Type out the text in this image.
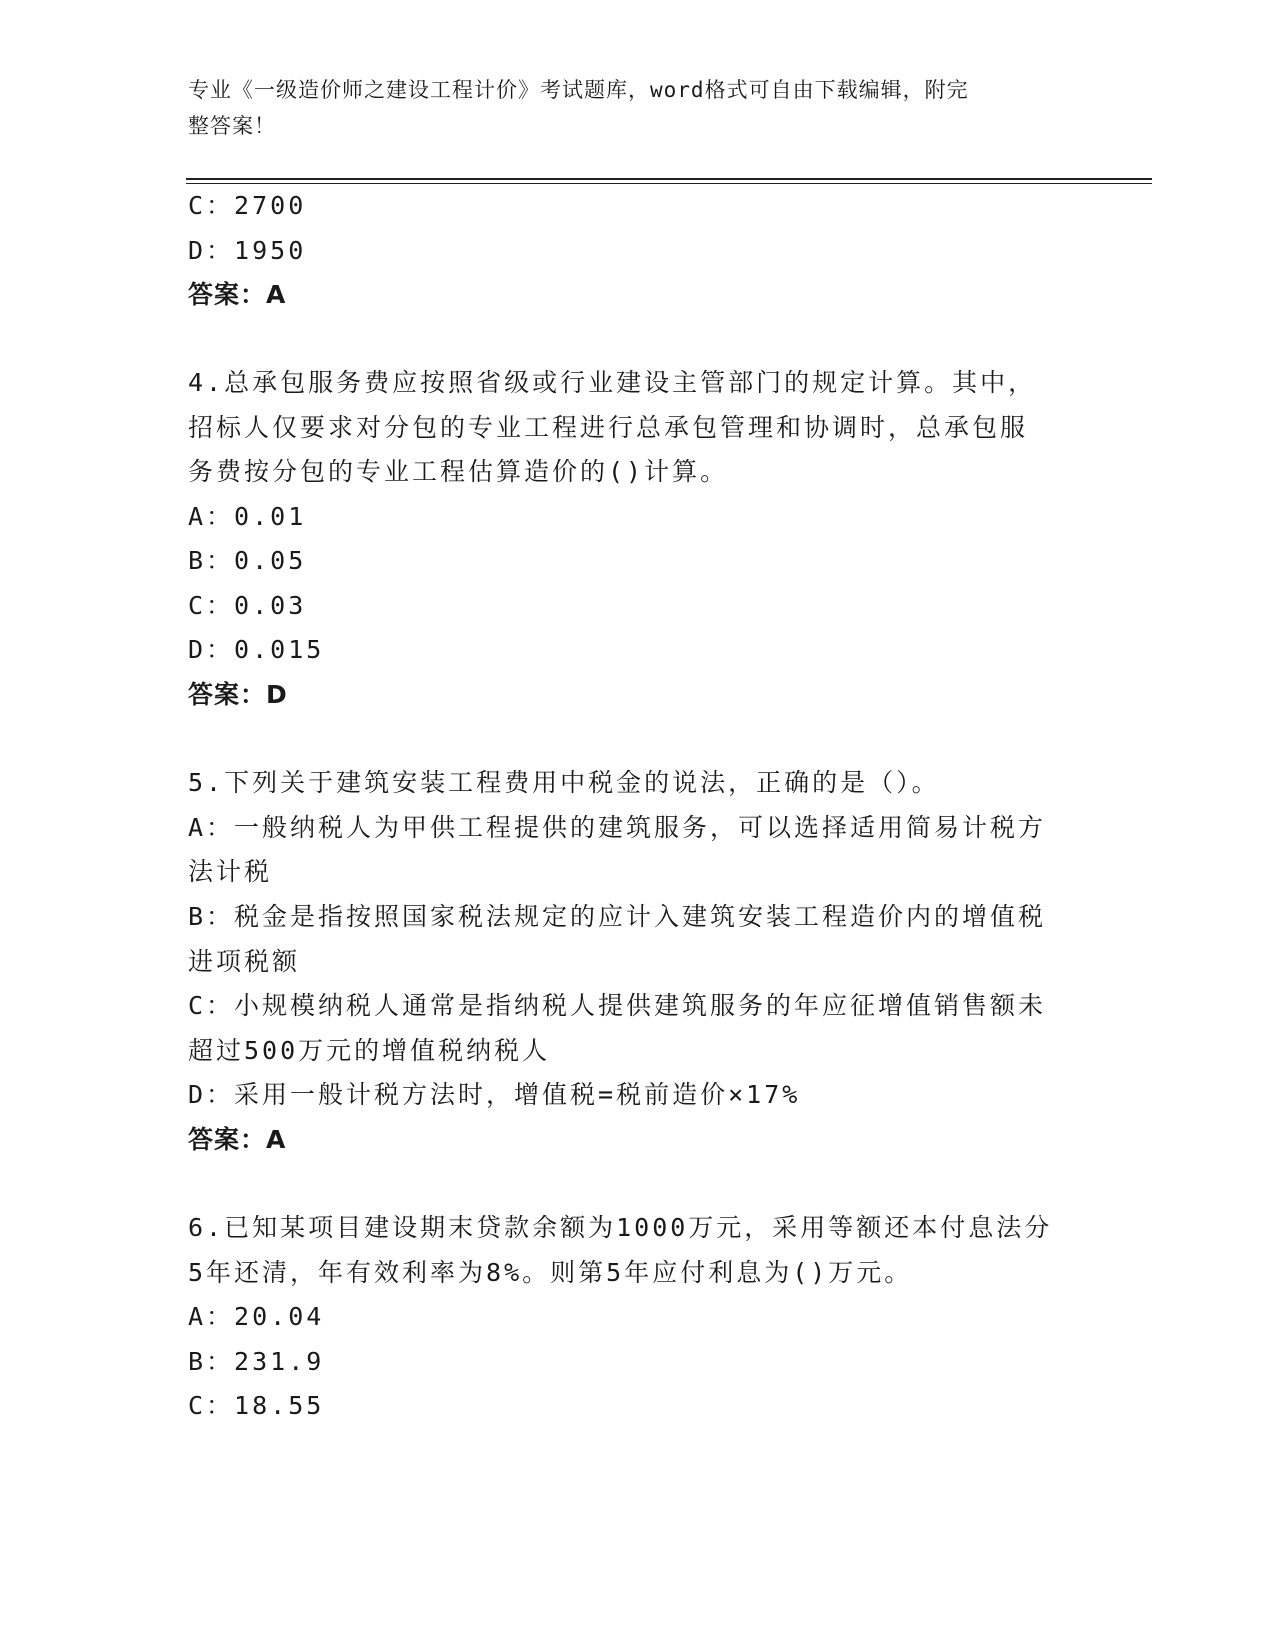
专业《一级造价师之建设工程计价》考试题库，word格式可自由下载编辑，附完
整答案！
C：2700
D：1950
答案：A
4.总承包服务费应按照省级或行业建设主管部门的规定计算。其中，
招标人仅要求对分包的专业工程进行总承包管理和协调时，总承包服
务费按分包的专业工程估算造价的()计算。
A：0.01
B：0.05
C：0.03
D：0.015
答案：D
5.下列关于建筑安装工程费用中税金的说法，正确的是（）。
A：一般纳税人为甲供工程提供的建筑服务，可以选择适用简易计税方
法计税
B：税金是指按照国家税法规定的应计入建筑安装工程造价内的增值税
进项税额
C：小规模纳税人通常是指纳税人提供建筑服务的年应征增值销售额未
超过500万元的增值税纳税人
D：采用一般计税方法时，增值税=税前造价×17%
答案：A
6.已知某项目建设期末贷款余额为1000万元，采用等额还本付息法分
5年还清，年有效利率为8%。则第5年应付利息为()万元。
A：20.04
B：231.9
C：18.55
